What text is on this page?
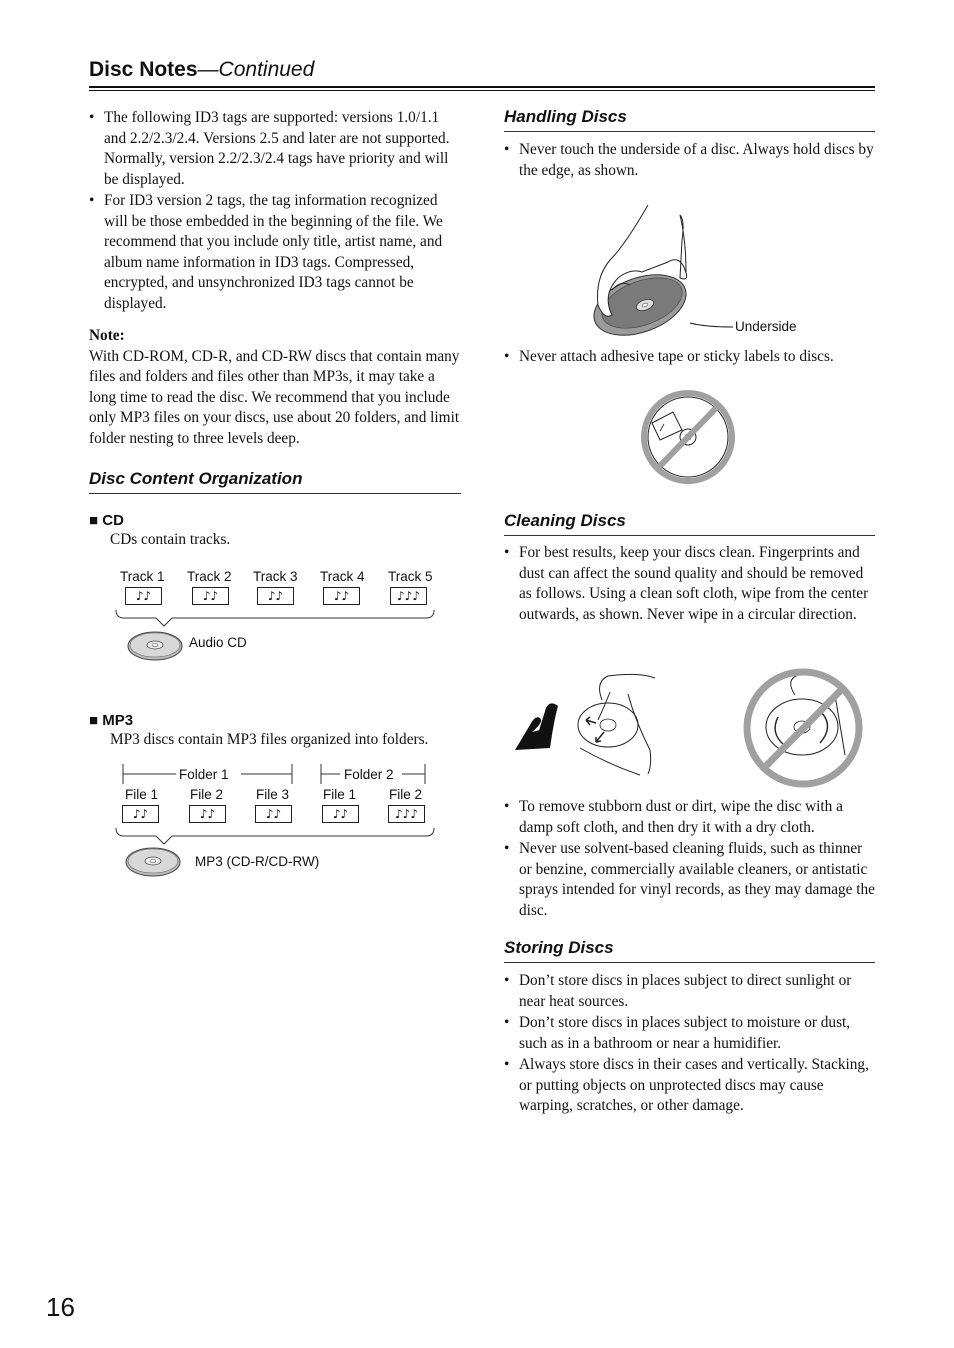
Disc Notes—Continued
• The following ID3 tags are supported: versions 1.0/1.1 and 2.2/2.3/2.4. Versions 2.5 and later are not supported. Normally, version 2.2/2.3/2.4 tags have priority and will be displayed.
• For ID3 version 2 tags, the tag information recognized will be those embedded in the beginning of the file. We recommend that you include only title, artist name, and album name information in ID3 tags. Compressed, encrypted, and unsynchronized ID3 tags cannot be displayed.

Note:

With CD-ROM, CD-R, and CD-RW discs that contain many files and folders and files other than MP3s, it may take a long time to read the disc. We recommend that you include only MP3 files on your discs, use about 20 folders, and limit folder nesting to three levels deep.

Disc Content Organization
■ CD
CDs contain tracks.
Track 1 Track 2 Track 3 Track 4 Track 5
♪♪	♪♪	♪♪	♪♪	♪♪♪
Audio CD
■ MP3
MP3 discs contain MP3 files organized into folders.
Folder 1	Folder 2
File 1 File 2 File 3	File 1 File 2
♪♪	♪♪	♪♪	♪♪	♪♪♪
MP3 (CD-R/CD-RW)
Handling Discs
• Never touch the underside of a disc. Always hold discs by the edge, as shown.
Underside
• Never attach adhesive tape or sticky labels to discs.
Cleaning Discs
• For best results, keep your discs clean. Fingerprints and dust can affect the sound quality and should be removed as follows. Using a clean soft cloth, wipe from the center outwards, as shown. Never wipe in a circular direction.
• To remove stubborn dust or dirt, wipe the disc with a damp soft cloth, and then dry it with a dry cloth.
• Never use solvent-based cleaning fluids, such as thinner or benzine, commercially available cleaners, or antistatic sprays intended for vinyl records, as they may damage the disc.
Storing Discs
• Don’t store discs in places subject to direct sunlight or near heat sources.
• Don’t store discs in places subject to moisture or dust, such as in a bathroom or near a humidifier.
• Always store discs in their cases and vertically. Stacking, or putting objects on unprotected discs may cause warping, scratches, or other damage.
16
